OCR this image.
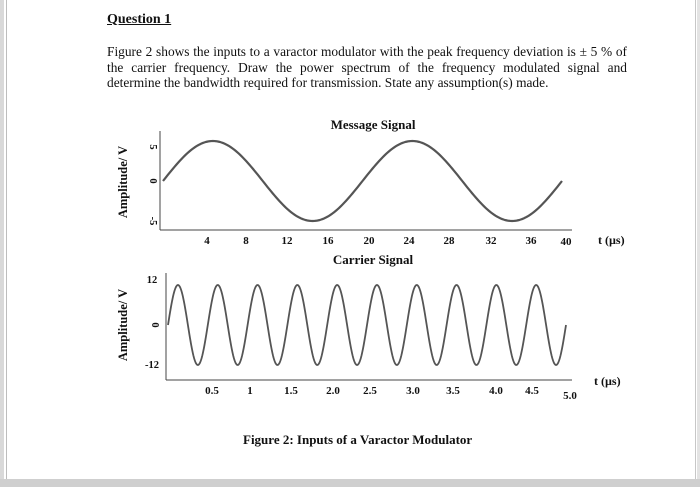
Question 1
Figure 2 shows the inputs to a varactor modulator with the peak frequency deviation is ± 5 % of the carrier frequency. Draw the power spectrum of the frequency modulated signal and determine the bandwidth required for transmission. State any assumption(s) made.
Message Signal
Amplitude/ V 5
0
-5
4	8	12	16	20	24	28	32	36 40 t (µs)
Carrier Signal
Amplitude/ V
12
0
-12
0.5	1	1.5	2.0 2.5	3.0 3.5	4.0 4.5 5.0
t (µs)
Figure 2: Inputs of a Varactor Modulator
